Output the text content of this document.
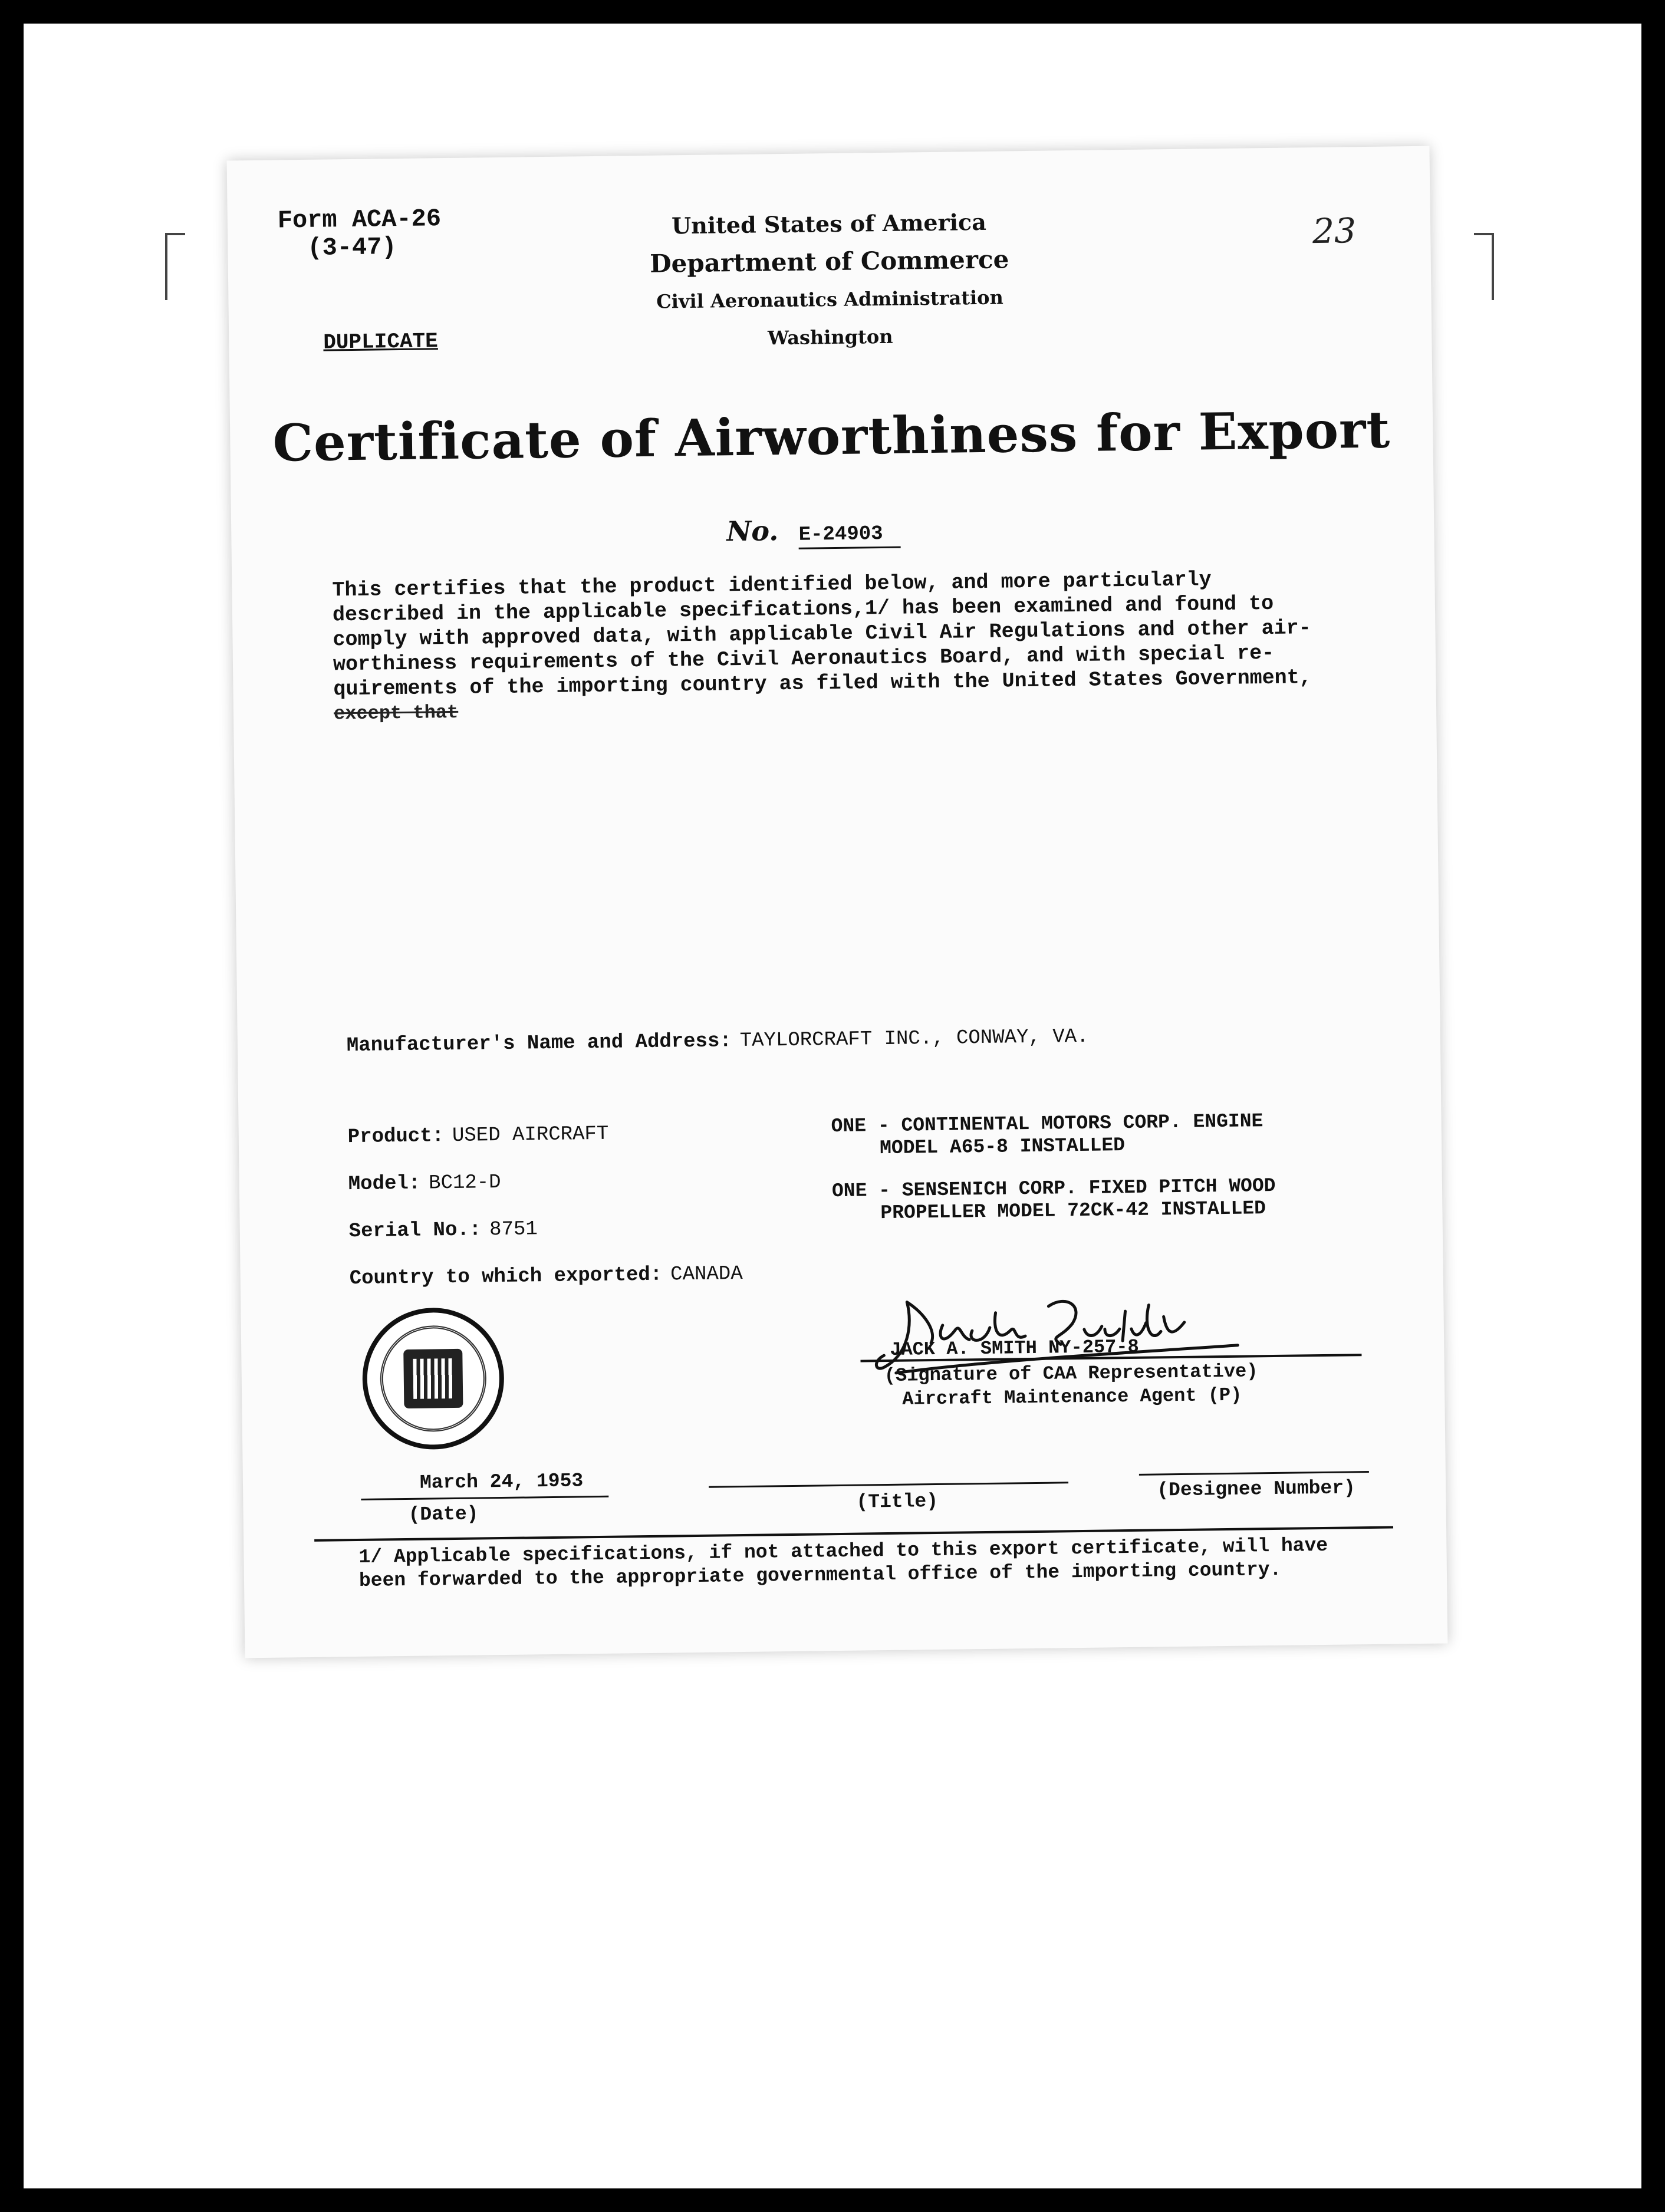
Form ACA-26
(3-47)
DUPLICATE
United States of America
Department of Commerce
Civil Aeronautics Administration
Washington
23
Certificate of Airworthiness for Export
No. E-24903
This certifies that the product identified below, and more particularly
described in the applicable specifications,1/ has been examined and found to
comply with approved data, with applicable Civil Air Regulations and other air-
worthiness requirements of the Civil Aeronautics Board, and with special re-
quirements of the importing country as filed with the United States Government,
except that
Manufacturer's Name and Address: TAYLORCRAFT INC., CONWAY, VA.
Product: USED AIRCRAFT
Model: BC12-D
Serial No.: 8751
Country to which exported: CANADA
ONE - CONTINENTAL MOTORS CORP. ENGINE
MODEL A65-8 INSTALLED
ONE - SENSENICH CORP. FIXED PITCH WOOD
PROPELLER MODEL 72CK-42 INSTALLED
JACK A. SMITH NY-257-8
(Signature of CAA Representative)
Aircraft Maintenance Agent (P)
March 24, 1953
(Date)
(Title)
(Designee Number)
1/ Applicable specifications, if not attached to this export certificate, will have
been forwarded to the appropriate governmental office of the importing country.
